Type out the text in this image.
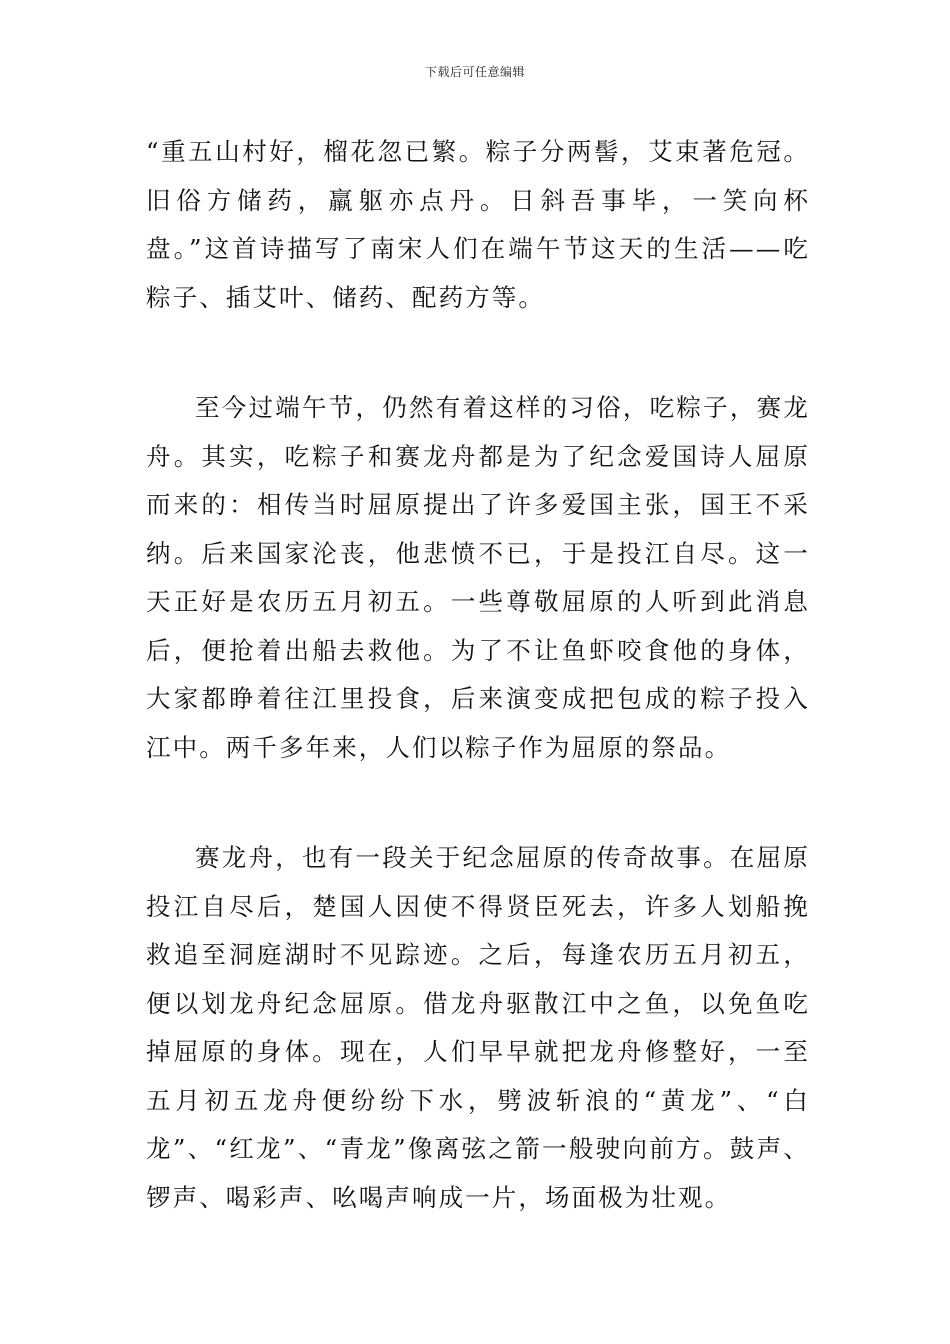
下载后可任意编辑

“重五山村好，榴花忽已繁。粽子分两髻，艾束著危冠。旧俗方储药，羸躯亦点丹。日斜吾事毕，一笑向杯盘。”这首诗描写了南宋人们在端午节这天的生活——吃粽子、插艾叶、储药、配药方等。

至今过端午节，仍然有着这样的习俗，吃粽子，赛龙舟。其实，吃粽子和赛龙舟都是为了纪念爱国诗人屈原而来的：相传当时屈原提出了许多爱国主张，国王不采纳。后来国家沦丧，他悲愤不已，于是投江自尽。这一天正好是农历五月初五。一些尊敬屈原的人听到此消息后，便抢着出船去救他。为了不让鱼虾咬食他的身体，大家都睁着往江里投食，后来演变成把包成的粽子投入江中。两千多年来，人们以粽子作为屈原的祭品。

赛龙舟，也有一段关于纪念屈原的传奇故事。在屈原投江自尽后，楚国人因使不得贤臣死去，许多人划船挽救追至洞庭湖时不见踪迹。之后，每逢农历五月初五，便以划龙舟纪念屈原。借龙舟驱散江中之鱼，以免鱼吃掉屈原的身体。现在，人们早早就把龙舟修整好，一至五月初五龙舟便纷纷下水，劈波斩浪的“黄龙”、“白龙”、“红龙”、“青龙”像离弦之箭一般驶向前方。鼓声、锣声、喝彩声、吆喝声响成一片，场面极为壮观。
